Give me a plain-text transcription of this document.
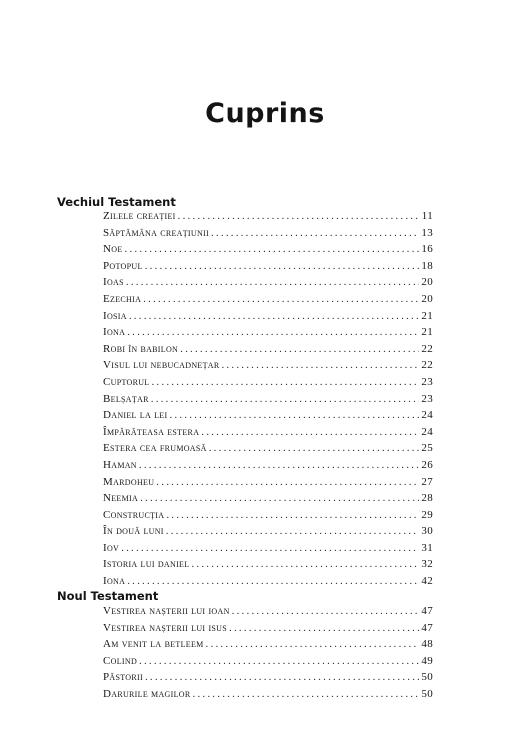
Cuprins
Vechiul Testament
Zilele creației .....	11
Săptămâna creațiunii .....	13
Noe .....	16
Potopul .....	18
Ioas .....	20
Ezechia .....	20
Iosia .....	21
Iona .....	21
Robi în babilon .....	22
Visul lui nebucadnețar .....	22
Cuptorul .....	23
Belșațar .....	23
Daniel la lei .....	24
Împărăteasa estera .....	24
Estera cea frumoasă .....	25
Haman .....	26
Mardoheu .....	27
Neemia .....	28
Construcția .....	29
În două luni .....	30
Iov .....	31
Istoria lui daniel .....	32
Iona .....	42
Noul Testament
Vestirea nașterii lui ioan .....	47
Vestirea nașterii lui isus .....	47
Am venit la betleem .....	48
Colind .....	49
Păstorii .....	50
Darurile magilor .....	50
